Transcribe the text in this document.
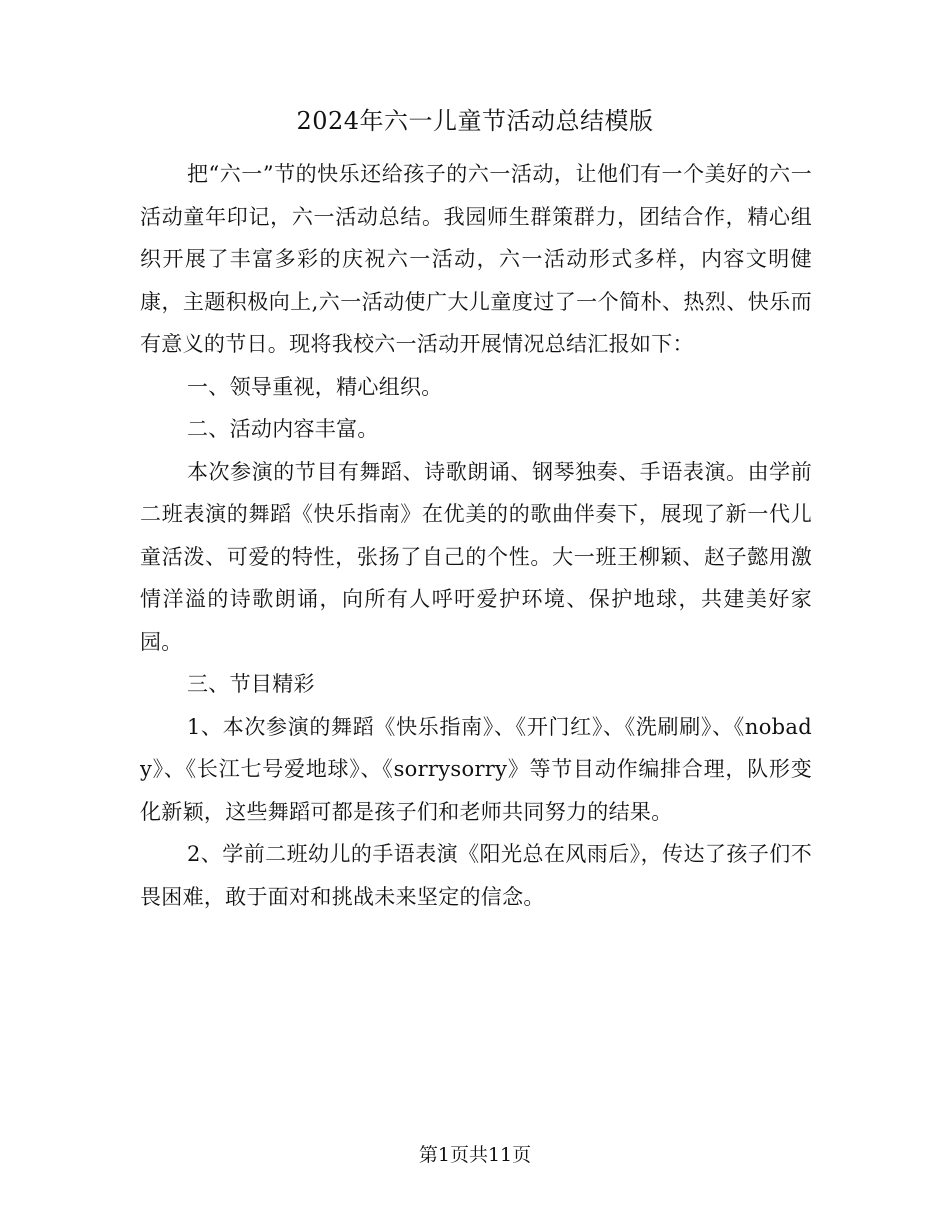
2024年六一儿童节活动总结模版

把“六一”节的快乐还给孩子的六一活动，让他们有一个美好的六一活动童年印记，六一活动总结。我园师生群策群力，团结合作，精心组织开展了丰富多彩的庆祝六一活动，六一活动形式多样，内容文明健康，主题积极向上,六一活动使广大儿童度过了一个简朴、热烈、快乐而有意义的节日。现将我校六一活动开展情况总结汇报如下：

一、领导重视，精心组织。

二、活动内容丰富。

本次参演的节目有舞蹈、诗歌朗诵、钢琴独奏、手语表演。由学前二班表演的舞蹈《快乐指南》在优美的的歌曲伴奏下，展现了新一代儿童活泼、可爱的特性，张扬了自己的个性。大一班王柳颖、赵子懿用激情洋溢的诗歌朗诵，向所有人呼吁爱护环境、保护地球，共建美好家园。

三、节目精彩

1、本次参演的舞蹈《快乐指南》、《开门红》、《洗刷刷》、《nobady》、《长江七号爱地球》、《sorrysorry》等节目动作编排合理，队形变化新颖，这些舞蹈可都是孩子们和老师共同努力的结果。

2、学前二班幼儿的手语表演《阳光总在风雨后》，传达了孩子们不畏困难，敢于面对和挑战未来坚定的信念。

第1页共11页
